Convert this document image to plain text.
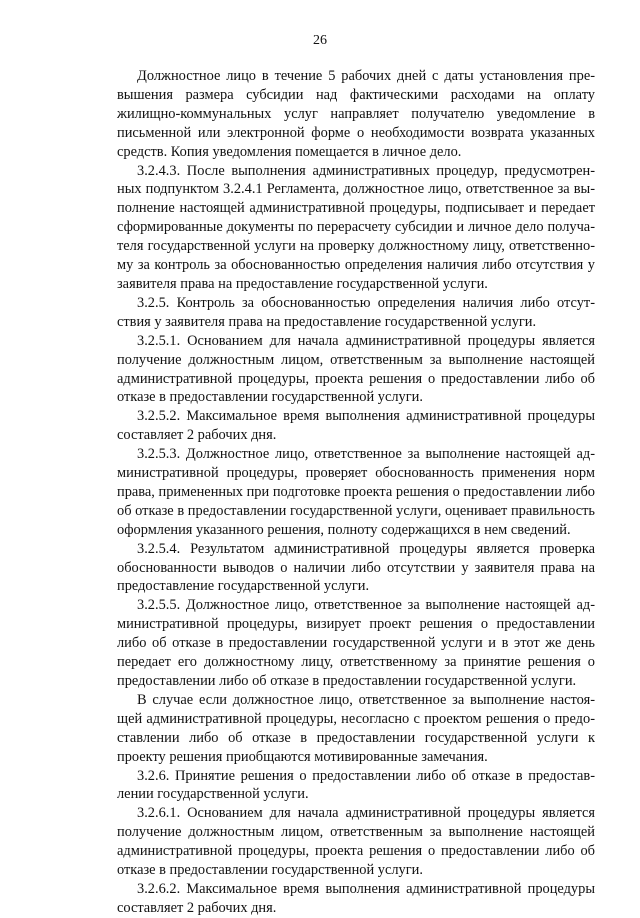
26

Должностное лицо в течение 5 рабочих дней с даты установления превышения размера субсидии над фактическими расходами на оплату жилищно-коммунальных услуг направляет получателю уведомление в письменной или электронной форме о необходимости возврата указанных средств. Копия уведомления помещается в личное дело.

3.2.4.3. После выполнения административных процедур, предусмотренных подпунктом 3.2.4.1 Регламента, должностное лицо, ответственное за выполнение настоящей административной процедуры, подписывает и передает сформированные документы по перерасчету субсидии и личное дело получателя государственной услуги на проверку должностному лицу, ответственному за контроль за обоснованностью определения наличия либо отсутствия у заявителя права на предоставление государственной услуги.

3.2.5. Контроль за обоснованностью определения наличия либо отсутствия у заявителя права на предоставление государственной услуги.

3.2.5.1. Основанием для начала административной процедуры является получение должностным лицом, ответственным за выполнение настоящей административной процедуры, проекта решения о предоставлении либо об отказе в предоставлении государственной услуги.

3.2.5.2. Максимальное время выполнения административной процедуры составляет 2 рабочих дня.

3.2.5.3. Должностное лицо, ответственное за выполнение настоящей административной процедуры, проверяет обоснованность применения норм права, примененных при подготовке проекта решения о предоставлении либо об отказе в предоставлении государственной услуги, оценивает правильность оформления указанного решения, полноту содержащихся в нем сведений.

3.2.5.4. Результатом административной процедуры является проверка обоснованности выводов о наличии либо отсутствии у заявителя права на предоставление государственной услуги.

3.2.5.5. Должностное лицо, ответственное за выполнение настоящей административной процедуры, визирует проект решения о предоставлении либо об отказе в предоставлении государственной услуги и в этот же день передает его должностному лицу, ответственному за принятие решения о предоставлении либо об отказе в предоставлении государственной услуги.

В случае если должностное лицо, ответственное за выполнение настоящей административной процедуры, несогласно с проектом решения о предоставлении либо об отказе в предоставлении государственной услуги к проекту решения приобщаются мотивированные замечания.

3.2.6. Принятие решения о предоставлении либо об отказе в предоставлении государственной услуги.

3.2.6.1. Основанием для начала административной процедуры является получение должностным лицом, ответственным за выполнение настоящей административной процедуры, проекта решения о предоставлении либо об отказе в предоставлении государственной услуги.

3.2.6.2. Максимальное время выполнения административной процедуры составляет 2 рабочих дня.
